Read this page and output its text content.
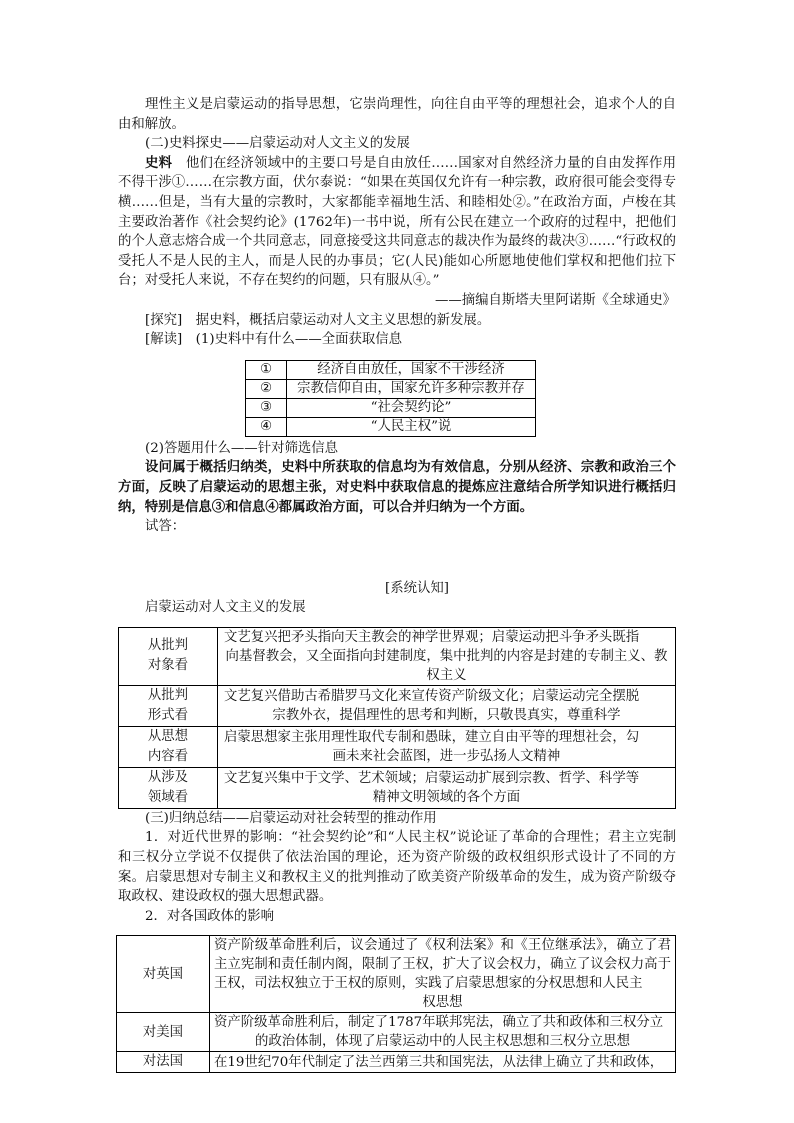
理性主义是启蒙运动的指导思想，它崇尚理性，向往自由平等的理想社会，追求个人的自由和解放。

(二)史料探史——启蒙运动对人文主义的发展

史料　 他们在经济领域中的主要口号是自由放任……国家对自然经济力量的自由发挥作用不得干涉①……在宗教方面，伏尔泰说：“如果在英国仅允许有一种宗教，政府很可能会变得专横……但是，当有大量的宗教时，大家都能幸福地生活、和睦相处②。”在政治方面，卢梭在其主要政治著作《社会契约论》(1762年)一书中说，所有公民在建立一个政府的过程中，把他们的个人意志熔合成一个共同意志，同意接受这共同意志的裁决作为最终的裁决③……“行政权的受托人不是人民的主人，而是人民的办事员；它(人民)能如心所愿地使他们掌权和把他们拉下台；对受托人来说，不存在契约的问题，只有服从④。”

——摘编自斯塔夫里阿诺斯《全球通史》

[探究]　 据史料，概括启蒙运动对人文主义思想的新发展。

[解读]　 (1)史料中有什么——全面获取信息

①	经济自由放任，国家不干涉经济
②	宗教信仰自由，国家允许多种宗教并存
③	“社会契约论”
④	“人民主权”说

(2)答题用什么——针对筛选信息

设问属于概括归纳类，史料中所获取的信息均为有效信息，分别从经济、宗教和政治三个方面，反映了启蒙运动的思想主张，对史料中获取信息的提炼应注意结合所学知识进行概括归纳，特别是信息③和信息④都属政治方面，可以合并归纳为一个方面。

试答：

[系统认知]

启蒙运动对人文主义的发展

从批判
对象看	文艺复兴把矛头指向天主教会的神学世界观；启蒙运动把斗争矛头既指
向基督教会，又全面指向封建制度，集中批判的内容是封建的专制主义、教权主义
从批判
形式看	文艺复兴借助古希腊罗马文化来宣传资产阶级文化；启蒙运动完全摆脱
宗教外衣，提倡理性的思考和判断，只敬畏真实，尊重科学
从思想
内容看	启蒙思想家主张用理性取代专制和愚昧，建立自由平等的理想社会，勾
画未来社会蓝图，进一步弘扬人文精神
从涉及
领域看	文艺复兴集中于文学、艺术领域；启蒙运动扩展到宗教、哲学、科学等
精神文明领域的各个方面

(三)归纳总结——启蒙运动对社会转型的推动作用

1．对近代世界的影响：“社会契约论”和“人民主权”说论证了革命的合理性；君主立宪制和三权分立学说不仅提供了依法治国的理论，还为资产阶级的政权组织形式设计了不同的方案。启蒙思想对专制主义和教权主义的批判推动了欧美资产阶级革命的发生，成为资产阶级夺取政权、建设政权的强大思想武器。

2．对各国政体的影响

对英国	资产阶级革命胜利后，议会通过了《权利法案》和《王位继承法》，确立了君主立宪制和责任制内阁，限制了王权，扩大了议会权力，确立了议会权力高于王权，司法权独立于王权的原则，实践了启蒙思想家的分权思想和人民主
权思想
对美国	资产阶级革命胜利后，制定了1787年联邦宪法，确立了共和政体和三权分立
的政治体制，体现了启蒙运动中的人民主权思想和三权分立思想
对法国	在19世纪70年代制定了法兰西第三共和国宪法，从法律上确立了共和政体，
